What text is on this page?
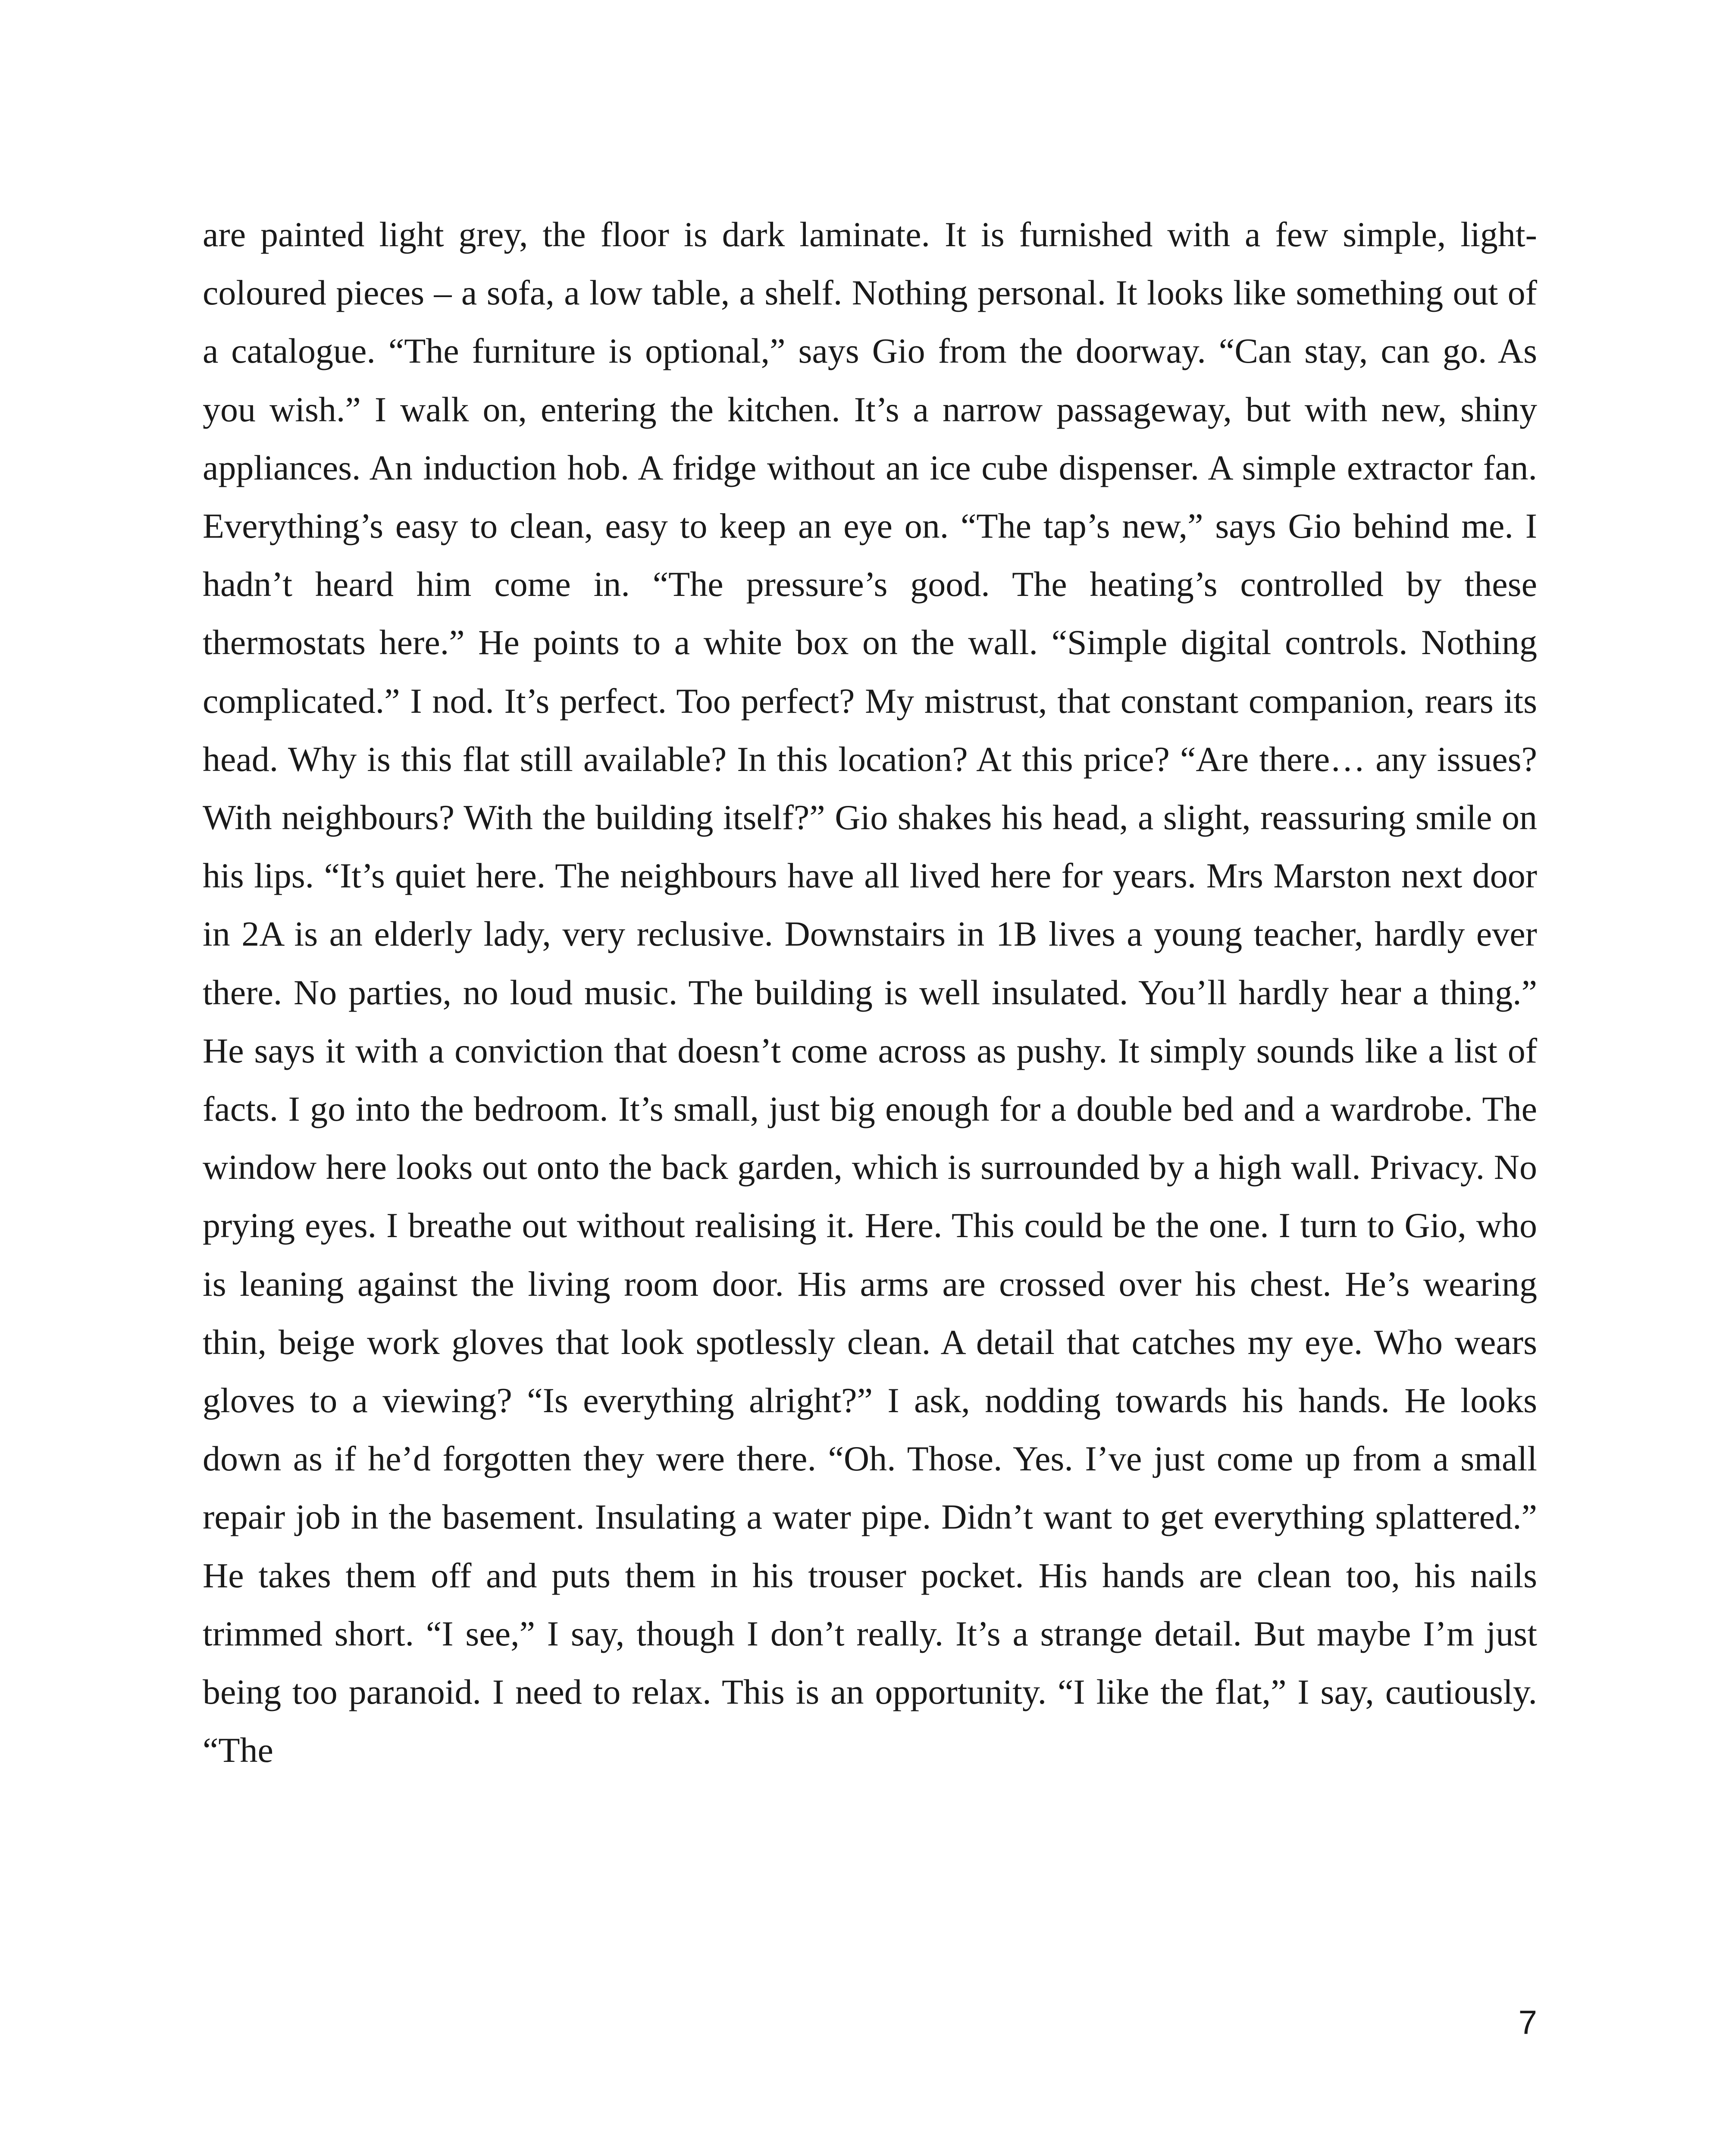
are painted light grey, the floor is dark laminate. It is furnished with a few simple, light-coloured pieces – a sofa, a low table, a shelf. Nothing personal. It looks like something out of a catalogue. “The furniture is optional,” says Gio from the doorway. “Can stay, can go. As you wish.” I walk on, entering the kitchen. It’s a narrow passageway, but with new, shiny appliances. An induction hob. A fridge without an ice cube dispenser. A simple extractor fan. Everything’s easy to clean, easy to keep an eye on. “The tap’s new,” says Gio behind me. I hadn’t heard him come in. “The pressure’s good. The heating’s controlled by these thermostats here.” He points to a white box on the wall. “Simple digital controls. Nothing complicated.” I nod. It’s perfect. Too perfect? My mistrust, that constant companion, rears its head. Why is this flat still available? In this location? At this price? “Are there… any issues? With neighbours? With the building itself?” Gio shakes his head, a slight, reassuring smile on his lips. “It’s quiet here. The neighbours have all lived here for years. Mrs Marston next door in 2A is an elderly lady, very reclusive. Downstairs in 1B lives a young teacher, hardly ever there. No parties, no loud music. The building is well insulated. You’ll hardly hear a thing.” He says it with a conviction that doesn’t come across as pushy. It simply sounds like a list of facts. I go into the bedroom. It’s small, just big enough for a double bed and a wardrobe. The window here looks out onto the back garden, which is surrounded by a high wall. Privacy. No prying eyes. I breathe out without realising it. Here. This could be the one. I turn to Gio, who is leaning against the living room door. His arms are crossed over his chest. He’s wearing thin, beige work gloves that look spotlessly clean. A detail that catches my eye. Who wears gloves to a viewing? “Is everything alright?” I ask, nodding towards his hands. He looks down as if he’d forgotten they were there. “Oh. Those. Yes. I’ve just come up from a small repair job in the basement. Insulating a water pipe. Didn’t want to get everything splattered.” He takes them off and puts them in his trouser pocket. His hands are clean too, his nails trimmed short. “I see,” I say, though I don’t really. It’s a strange detail. But maybe I’m just being too paranoid. I need to relax. This is an opportunity. “I like the flat,” I say, cautiously. “The

7
